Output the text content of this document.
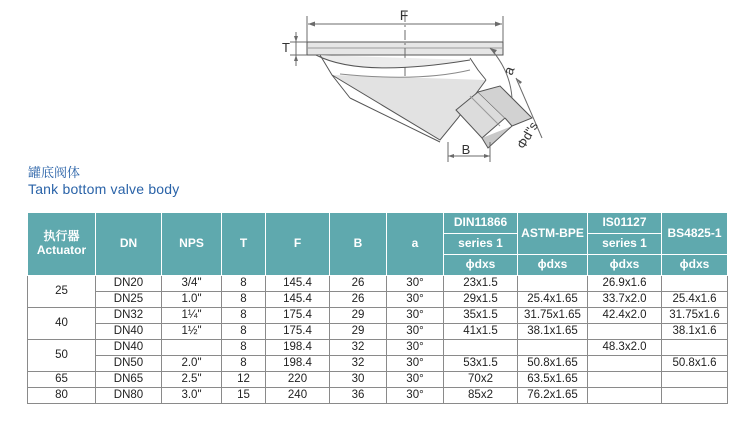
F
T
a
Φd"s
B
罐底阀体
Tank bottom valve body
执行器
Actuator	DN	NPS	T	F	B	a	DIN11866	ASTM-BPE	IS01127	BS4825-1
							series 1		series 1	
							ϕdxs	ϕdxs	ϕdxs	ϕdxs
25	DN20	3/4"	8	145.4	26	30°	23x1.5		26.9x1.6	
	DN25	1.0"	8	145.4	26	30°	29x1.5	25.4x1.65	33.7x2.0	25.4x1.6
40	DN32	1¼"	8	175.4	29	30°	35x1.5	31.75x1.65	42.4x2.0	31.75x1.6
	DN40	1½"	8	175.4	29	30°	41x1.5	38.1x1.65		38.1x1.6
50	DN40		8	198.4	32	30°			48.3x2.0	
	DN50	2.0"	8	198.4	32	30°	53x1.5	50.8x1.65		50.8x1.6
65	DN65	2.5"	12	220	30	30°	70x2	63.5x1.65		
80	DN80	3.0"	15	240	36	30°	85x2	76.2x1.65		
